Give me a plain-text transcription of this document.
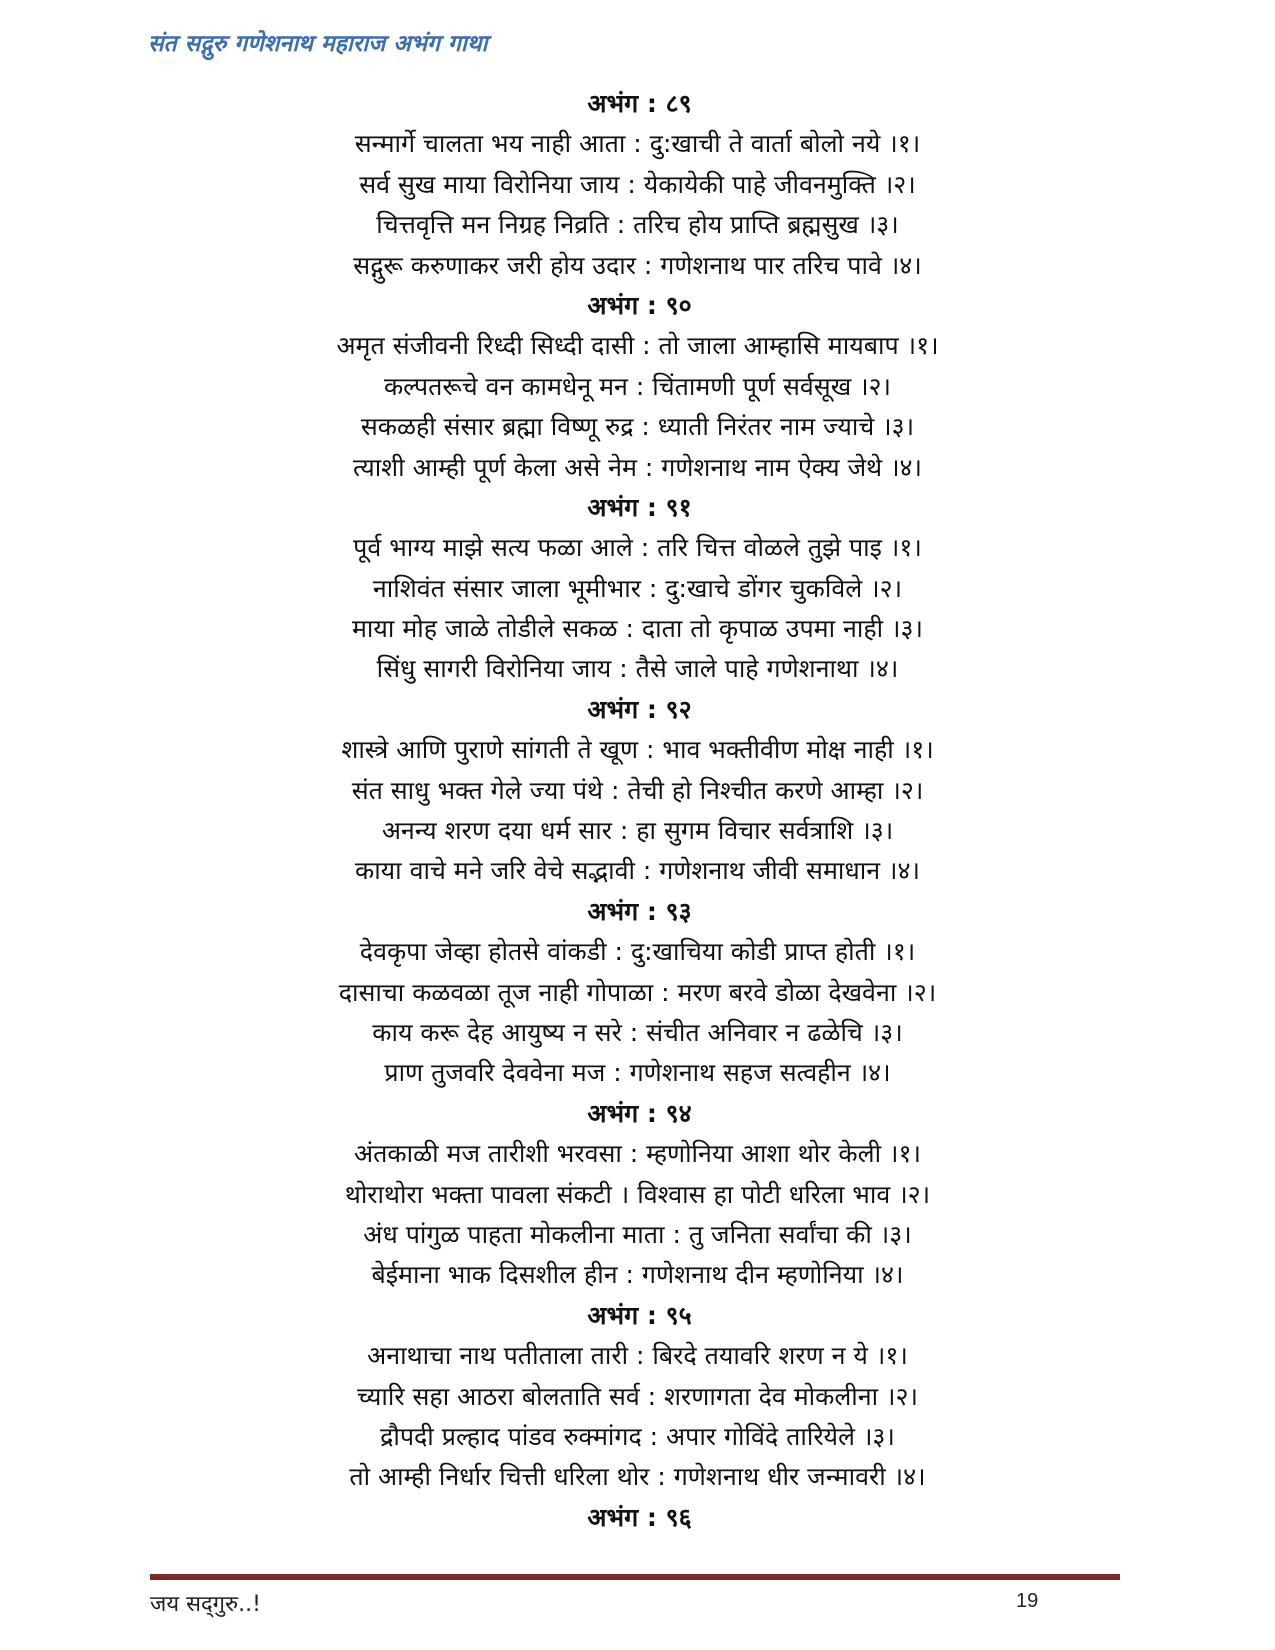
संत सद्गुरु गणेशनाथ महाराज अभंग गाथा
अभंग : ८९
सन्मार्गे चालता भय नाही आता : दु:खाची ते वार्ता बोलो नये ।१।
सर्व सुख माया विरोनिया जाय : येकायेकी पाहे जीवनमुक्ति ।२।
चित्तवृत्ति मन निग्रह निव्रति : तरिच होय प्राप्ति ब्रह्मसुख ।३।
सद्गुरू करुणाकर जरी होय उदार : गणेशनाथ पार तरिच पावे ।४।
अभंग : ९०
अमृत संजीवनी रिध्दी सिध्दी दासी : तो जाला आम्हासि मायबाप ।१।
कल्पतरूचे वन कामधेनू मन : चिंतामणी पूर्ण सर्वसूख ।२।
सकळही संसार ब्रह्मा विष्णू रुद्र : ध्याती निरंतर नाम ज्याचे ।३।
त्याशी आम्ही पूर्ण केला असे नेम : गणेशनाथ नाम ऐक्य जेथे ।४।
अभंग : ९१
पूर्व भाग्य माझे सत्य फळा आले : तरि चित्त वोळले तुझे पाइ ।१।
नाशिवंत संसार जाला भूमीभार : दु:खाचे डोंगर चुकविले ।२।
माया मोह जाळे तोडीले सकळ : दाता तो कृपाळ उपमा नाही ।३।
सिंधु सागरी विरोनिया जाय : तैसे जाले पाहे गणेशनाथा ।४।
अभंग : ९२
शास्त्रे आणि पुराणे सांगती ते खूण : भाव भक्तीवीण मोक्ष नाही ।१।
संत साधु भक्त गेले ज्या पंथे : तेची हो निश्चीत करणे आम्हा ।२।
अनन्य शरण दया धर्म सार : हा सुगम विचार सर्वत्राशि ।३।
काया वाचे मने जरि वेचे सद्भावी : गणेशनाथ जीवी समाधान ।४।
अभंग : ९३
देवकृपा जेव्हा होतसे वांकडी : दु:खाचिया कोडी प्राप्त होती ।१।
दासाचा कळवळा तूज नाही गोपाळा : मरण बरवे डोळा देखवेना ।२।
काय करू देह आयुष्य न सरे : संचीत अनिवार न ढळेचि ।३।
प्राण तुजवरि देववेना मज : गणेशनाथ सहज सत्वहीन ।४।
अभंग : ९४
अंतकाळी मज तारीशी भरवसा : म्हणोनिया आशा थोर केली ।१।
थोराथोरा भक्ता पावला संकटी । विश्वास हा पोटी धरिला भाव ।२।
अंध पांगुळ पाहता मोकलीना माता : तु जनिता सर्वांचा की ।३।
बेईमाना भाक दिसशील हीन : गणेशनाथ दीन म्हणोनिया ।४।
अभंग : ९५
अनाथाचा नाथ पतीताला तारी : बिरदे तयावरि शरण न ये ।१।
च्यारि सहा आठरा बोलताति सर्व : शरणागता देव मोकलीना ।२।
द्रौपदी प्रल्हाद पांडव रुक्मांगद : अपार गोविंदे तारियेले ।३।
तो आम्ही निर्धार चित्ती धरिला थोर : गणेशनाथ धीर जन्मावरी ।४।
अभंग : ९६
जय सद्‌गुरु..!	19
